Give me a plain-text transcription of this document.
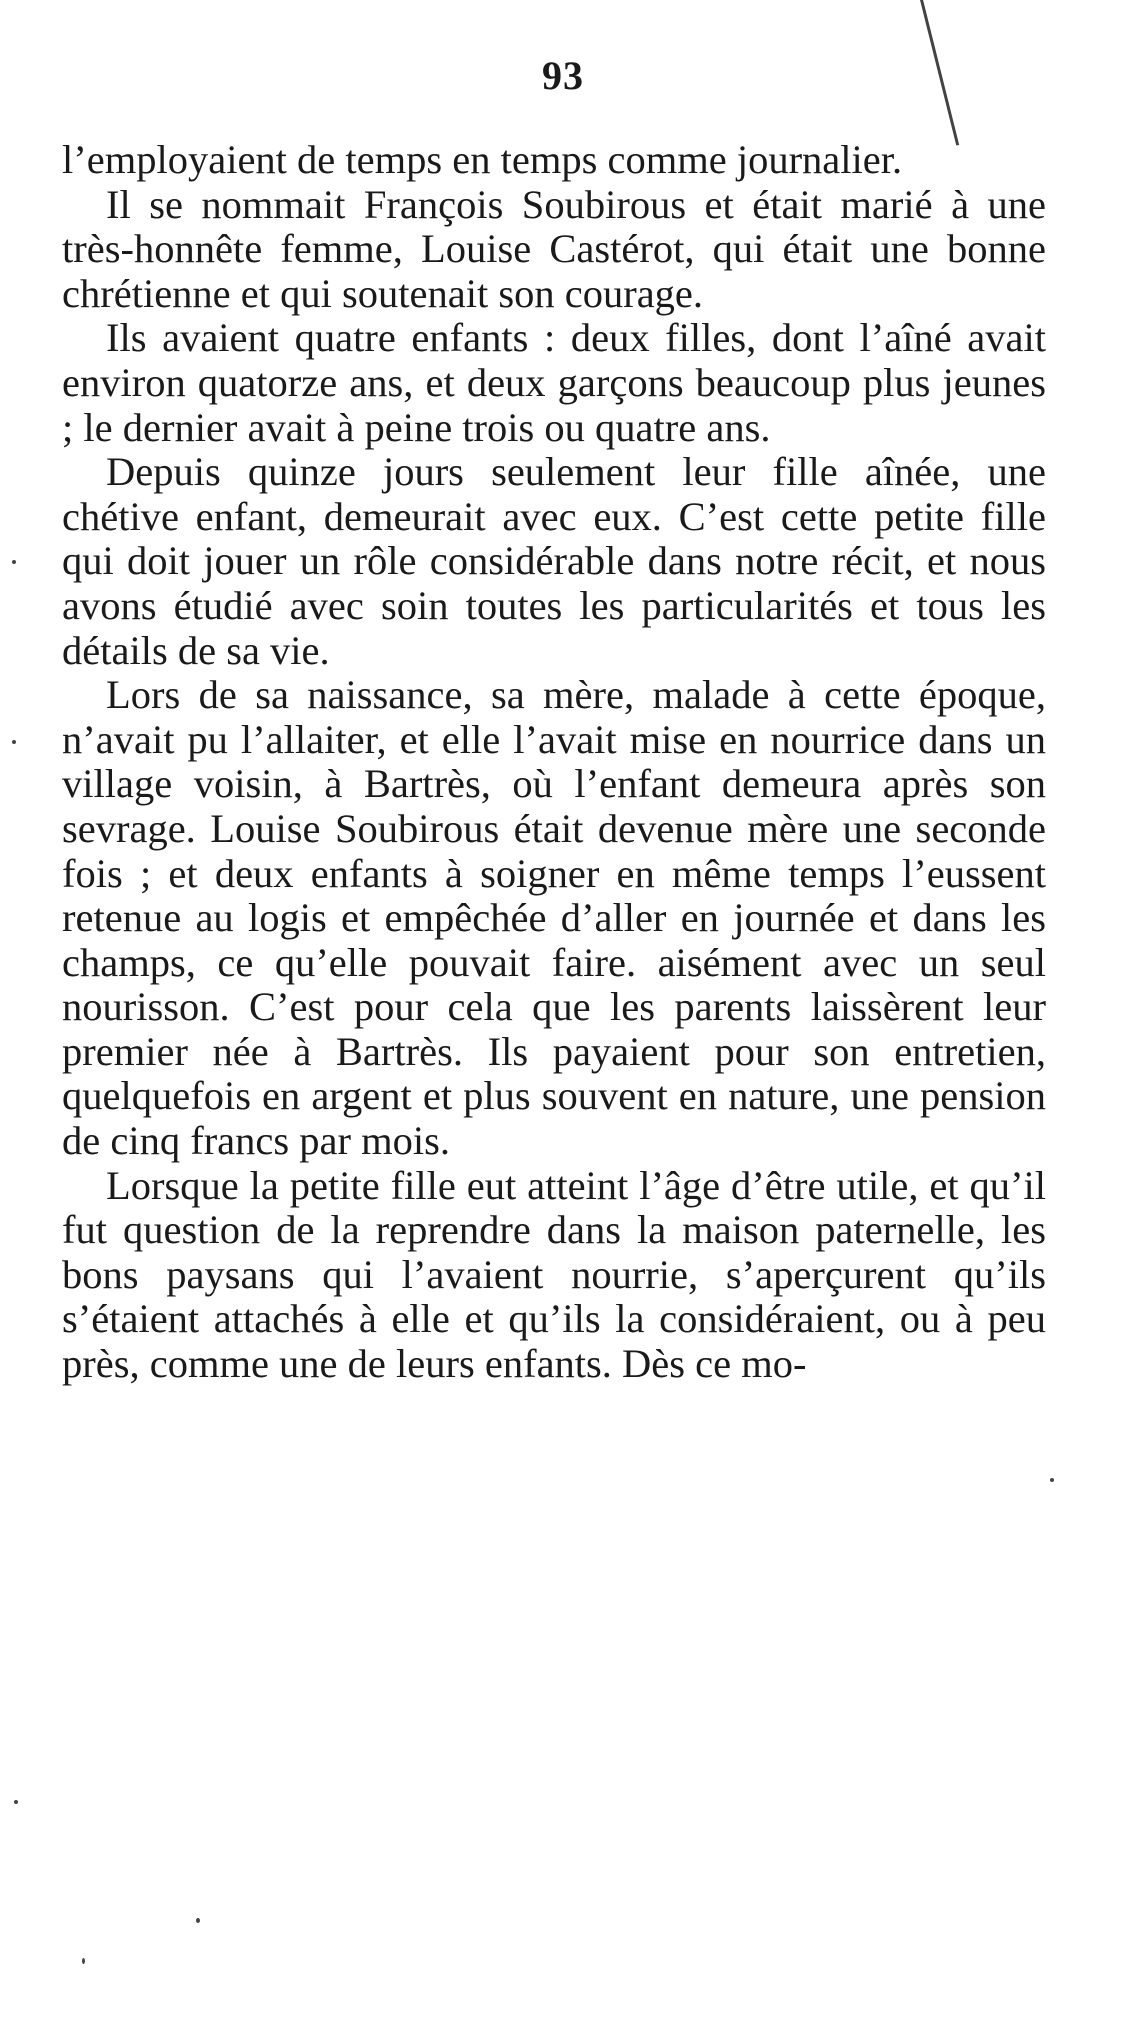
93

l’employaient de temps en temps comme journalier.

Il se nommait François Soubirous et était marié à une très-honnête femme, Louise Castérot, qui était une bonne chrétienne et qui soutenait son courage.

Ils avaient quatre enfants : deux filles, dont l’aîné avait environ quatorze ans, et deux garçons beaucoup plus jeunes ; le dernier avait à peine trois ou quatre ans.

Depuis quinze jours seulement leur fille aînée, une chétive enfant, demeurait avec eux. C’est cette petite fille qui doit jouer un rôle considérable dans notre récit, et nous avons étudié avec soin toutes les particularités et tous les détails de sa vie.

Lors de sa naissance, sa mère, malade à cette époque, n’avait pu l’allaiter, et elle l’avait mise en nourrice dans un village voisin, à Bartrès, où l’enfant demeura après son sevrage. Louise Soubirous était devenue mère une seconde fois ; et deux enfants à soigner en même temps l’eussent retenue au logis et empêchée d’aller en journée et dans les champs, ce qu’elle pouvait faire. aisément avec un seul nourisson. C’est pour cela que les parents laissèrent leur premier née à Bartrès. Ils payaient pour son entretien, quelquefois en argent et plus souvent en nature, une pension de cinq francs par mois.

Lorsque la petite fille eut atteint l’âge d’être utile, et qu’il fut question de la reprendre dans la maison paternelle, les bons paysans qui l’avaient nourrie, s’aperçurent qu’ils s’étaient attachés à elle et qu’ils la considéraient, ou à peu près, comme une de leurs enfants. Dès ce mo-
